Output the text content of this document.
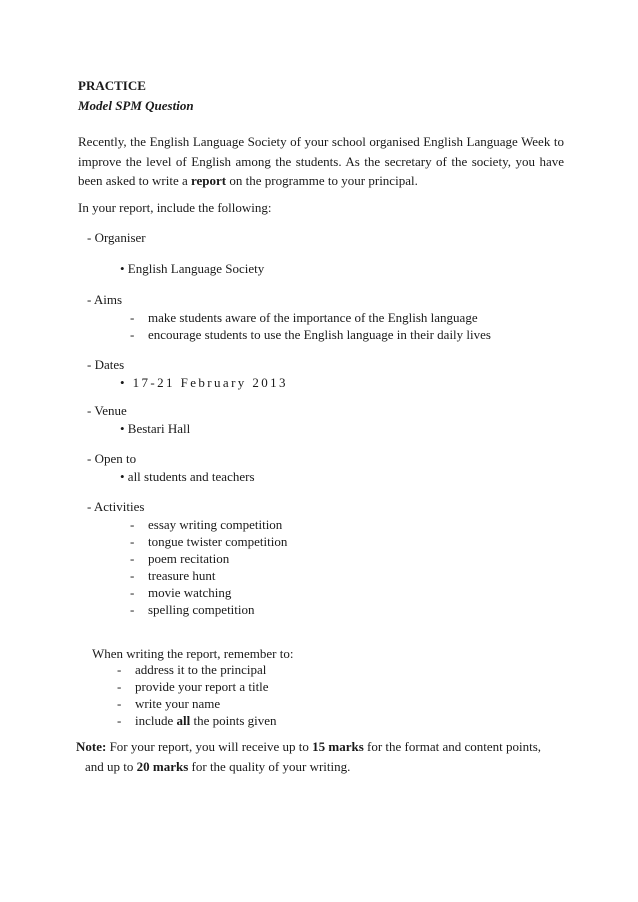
PRACTICE
Model SPM Question
Recently, the English Language Society of your school organised English Language Week to improve the level of English among the students. As the secretary of the society, you have been asked to write a report on the programme to your principal.
In your report, include the following:
- Organiser
• English Language Society
- Aims
- make students aware of the importance of the English language
- encourage students to use the English language in their daily lives
- Dates
• 17-21 February 2013
- Venue
• Bestari Hall
- Open to
• all students and teachers
- Activities
- essay writing competition
- tongue twister competition
- poem recitation
- treasure hunt
- movie watching
- spelling competition
When writing the report, remember to:
- address it to the principal
- provide your report a title
- write your name
- include all the points given
Note: For your report, you will receive up to 15 marks for the format and content points,
and up to 20 marks for the quality of your writing.
